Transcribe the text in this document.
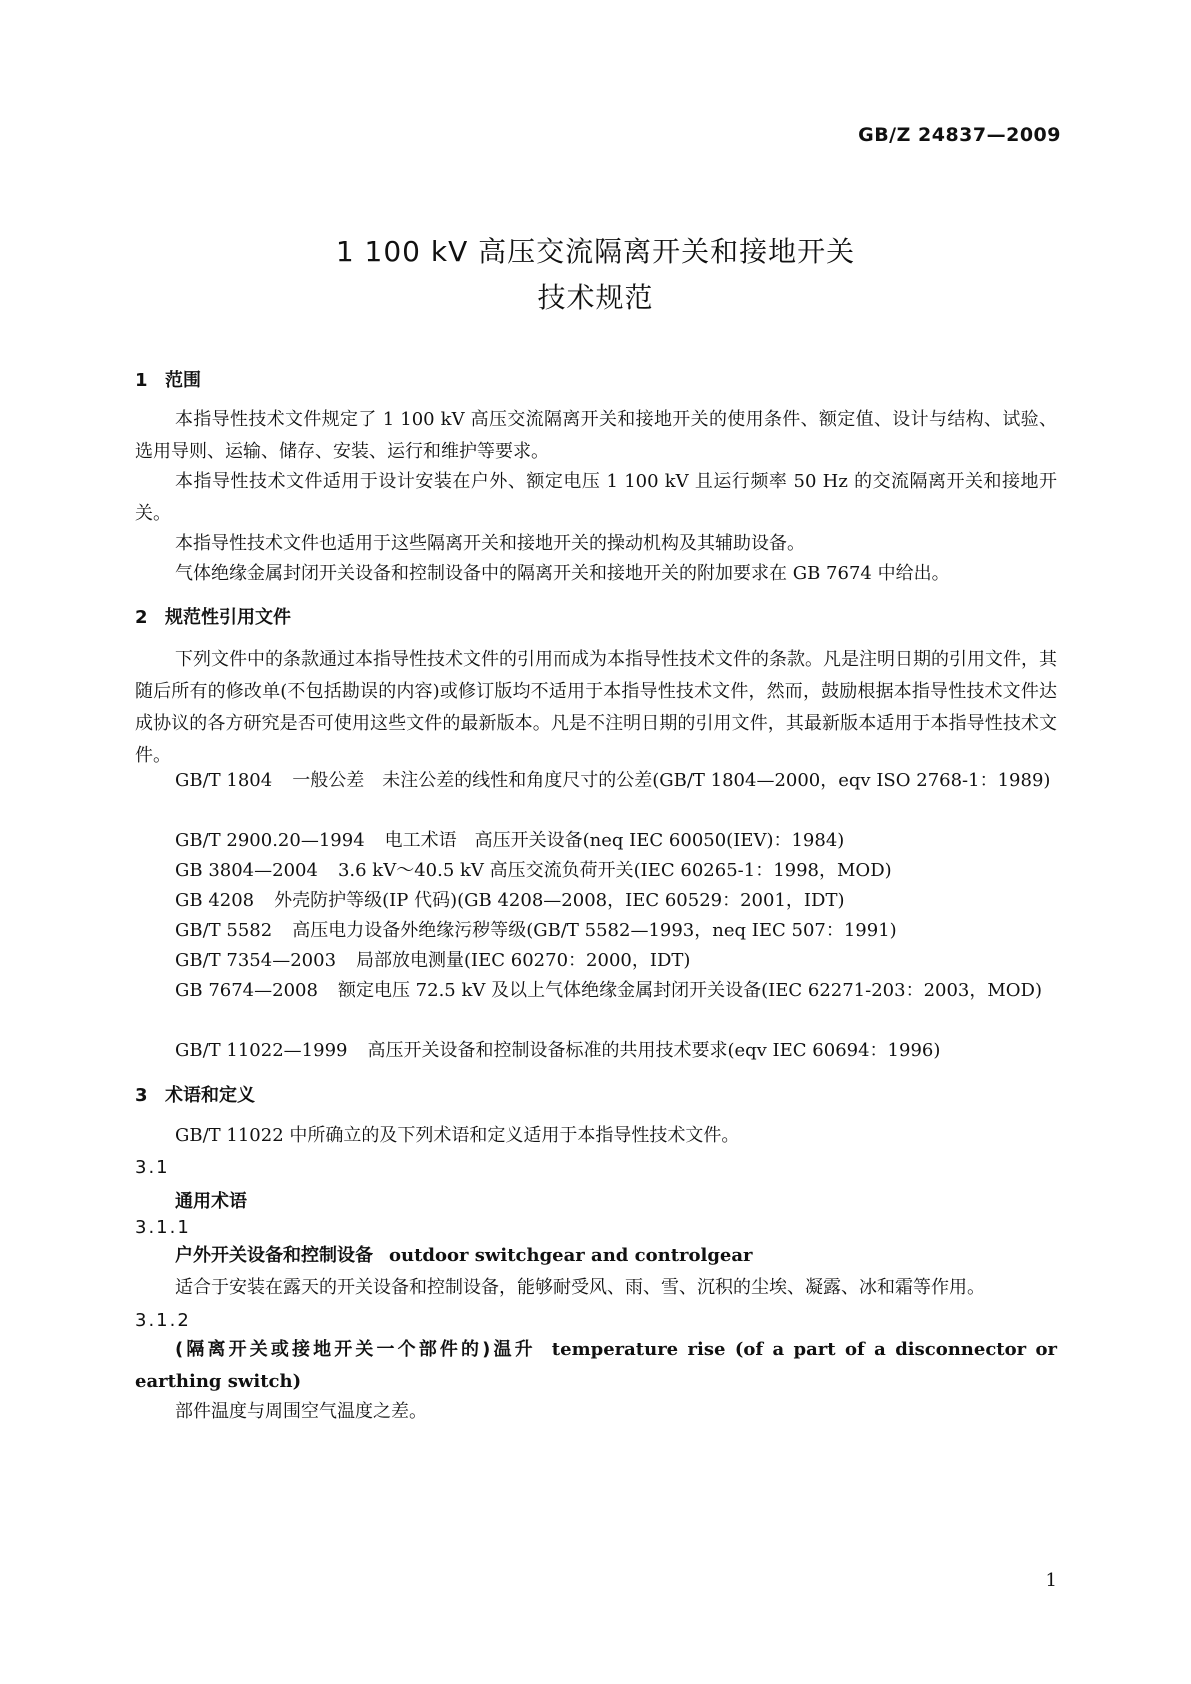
GB/Z 24837—2009
1 100 kV 高压交流隔离开关和接地开关
技术规范
1 范围

本指导性技术文件规定了 1 100 kV 高压交流隔离开关和接地开关的使用条件、额定值、设计与结构、试验、选用导则、运输、储存、安装、运行和维护等要求。

本指导性技术文件适用于设计安装在户外、额定电压 1 100 kV 且运行频率 50 Hz 的交流隔离开关和接地开关。

本指导性技术文件也适用于这些隔离开关和接地开关的操动机构及其辅助设备。

气体绝缘金属封闭开关设备和控制设备中的隔离开关和接地开关的附加要求在 GB 7674 中给出。

2 规范性引用文件

下列文件中的条款通过本指导性技术文件的引用而成为本指导性技术文件的条款。凡是注明日期的引用文件，其随后所有的修改单(不包括勘误的内容)或修订版均不适用于本指导性技术文件，然而，鼓励根据本指导性技术文件达成协议的各方研究是否可使用这些文件的最新版本。凡是不注明日期的引用文件，其最新版本适用于本指导性技术文件。

GB/T 1804 一般公差　未注公差的线性和角度尺寸的公差(GB/T 1804—2000，eqv ISO 2768-1：1989)

GB/T 2900.20—1994 电工术语　高压开关设备(neq IEC 60050(IEV)：1984)

GB 3804—2004 3.6 kV～40.5 kV 高压交流负荷开关(IEC 60265-1：1998，MOD)

GB 4208 外壳防护等级(IP 代码)(GB 4208—2008，IEC 60529：2001，IDT)

GB/T 5582 高压电力设备外绝缘污秽等级(GB/T 5582—1993，neq IEC 507：1991)

GB/T 7354—2003 局部放电测量(IEC 60270：2000，IDT)

GB 7674—2008 额定电压 72.5 kV 及以上气体绝缘金属封闭开关设备(IEC 62271-203：2003，MOD)

GB/T 11022—1999 高压开关设备和控制设备标准的共用技术要求(eqv IEC 60694：1996)

3 术语和定义

GB/T 11022 中所确立的及下列术语和定义适用于本指导性技术文件。

3.1
通用术语
3.1.1

户外开关设备和控制设备 outdoor switchgear and controlgear

适合于安装在露天的开关设备和控制设备，能够耐受风、雨、雪、沉积的尘埃、凝露、冰和霜等作用。

3.1.2

(隔离开关或接地开关一个部件的)温升 temperature rise (of a part of a disconnector or earthing switch)

部件温度与周围空气温度之差。

1
